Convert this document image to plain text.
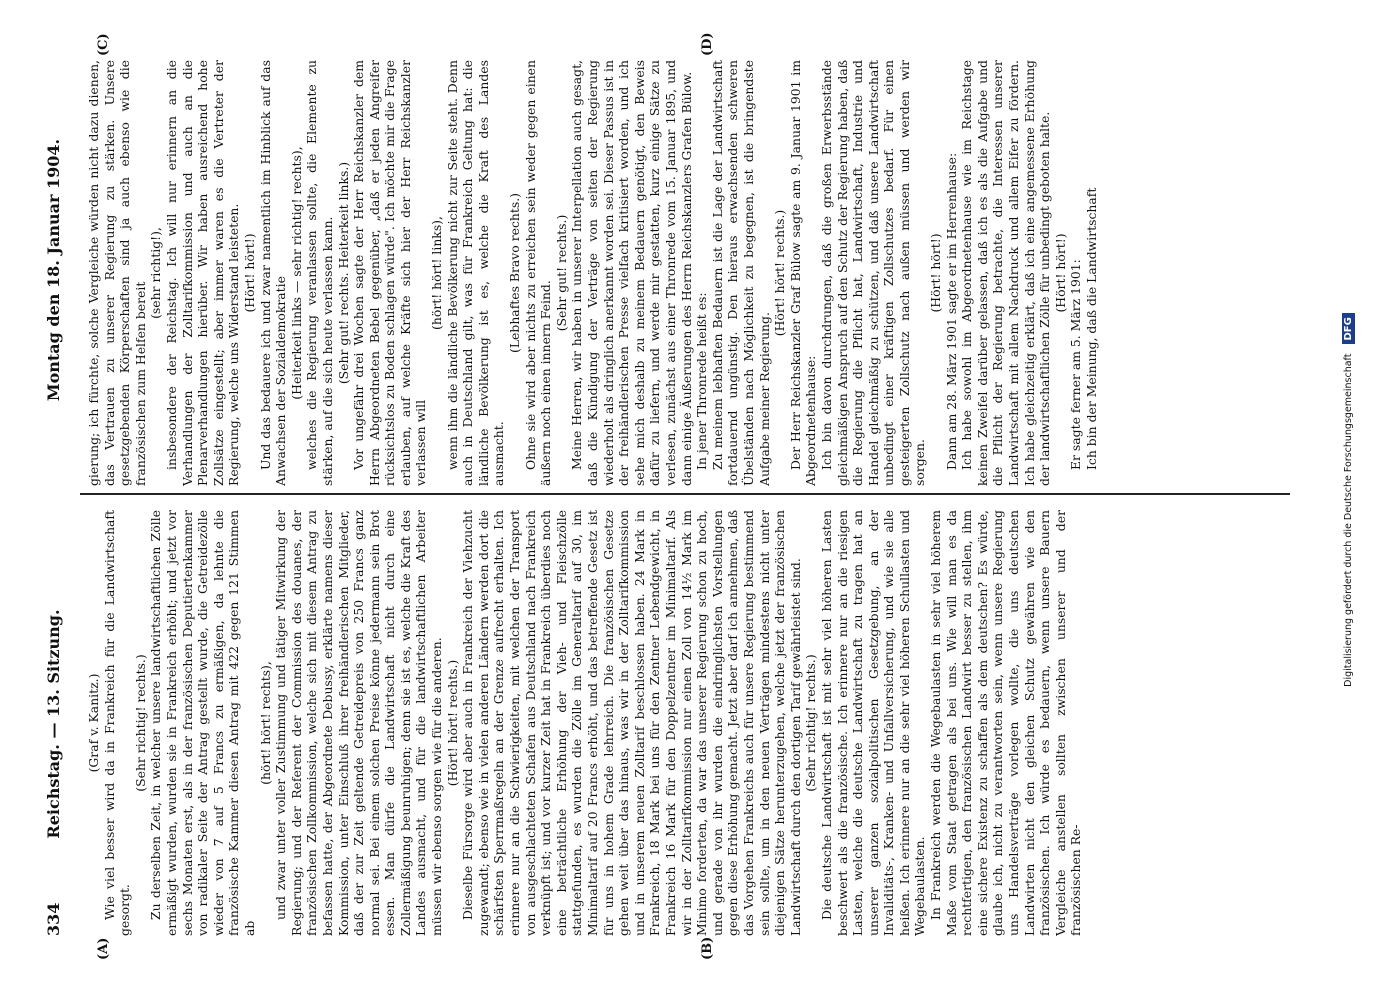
334
Reichstag. — 13. Sitzung.
Montag den 18. Januar 1904.
(A)	(B)
(C)	(D)

(Graf v. Kanitz.) Wie viel besser wird da in Frankreich für die Landwirtschaft gesorgt.

(Sehr richtig! rechts.) Zu derselben Zeit, in welcher unsere landwirtschaftlichen Zölle ermäßigt wurden, wurden sie in Frankreich erhöht; und jetzt vor sechs Monaten erst, als in der französischen Deputiertenkammer von radikaler Seite der Antrag gestellt wurde, die Getreidezölle wieder von 7 auf 5 Francs zu ermäßigen, da lehnte die französische Kammer diesen Antrag mit 422 gegen 121 Stimmen ab

(hört! hört! rechts), und zwar unter voller Zustimmung und tätiger Mitwirkung der Regierung; und der Referent der Commission des douanes, der französischen Zollkommission, welche sich mit diesem Antrag zu befassen hatte, der Abgeordnete Debussy, erklärte namens dieser Kommission, unter Einschluß ihrer freihändlerischen Mitglieder, daß der zur Zeit geltende Getreidepreis von 250 Francs ganz normal sei. Bei einem solchen Preise könne jedermann sein Brot essen. Man dürfe die Landwirtschaft nicht durch eine Zollermäßigung beunruhigen; denn sie ist es, welche die Kraft des Landes ausmacht, und für die landwirtschaftlichen Arbeiter müssen wir ebenso sorgen wie für die anderen. (Hört! hört! rechts.) Dieselbe Fürsorge wird aber auch in Frankreich der Viehzucht zugewandt; ebenso wie in vielen anderen Ländern werden dort die schärfsten Sperrmaßregeln an der Grenze aufrecht erhalten. Ich erinnere nur an die Schwierigkeiten, mit welchen der Transport von ausgeschlachteten Schafen aus Deutschland nach Frankreich verknüpft ist; und vor kurzer Zeit hat in Frankreich überdies noch eine beträchtliche Erhöhung der Vieh- und Fleischzölle stattgefunden, es wurden die Zölle im Generaltarif auf 30, im Minimaltarif auf 20 Francs erhöht, und das betreffende Gesetz ist für uns in hohem Grade lehrreich. Die französischen Gesetze gehen weit über das hinaus, was wir in der Zolltarifkommission und in unserem neuen Zolltarif beschlossen haben. 24 Mark in Frankreich, 18 Mark bei uns für den Zentner Lebendgewicht, in Frankreich 16 Mark für den Doppelzentner im Minimaltarif. Als wir in der Zolltarifkommission nur einen Zoll von 14½ Mark im Minimo forderten, da war das unserer Regierung schon zu hoch, und gerade von ihr wurden die eindringlichsten Vorstellungen gegen diese Erhöhung gemacht. Jetzt aber darf ich annehmen, daß das Vorgehen Frankreichs auch für unsere Regierung bestimmend sein sollte, um in den neuen Verträgen mindestens nicht unter diejenigen Sätze herunterzugehen, welche jetzt der französischen Landwirtschaft durch den dortigen Tarif gewährleistet sind. (Sehr richtig! rechts.) Die deutsche Landwirtschaft ist mit sehr viel höheren Lasten beschwert als die französische. Ich erinnere nur an die riesigen Lasten, welche die deutsche Landwirtschaft zu tragen hat an unserer ganzen sozialpolitischen Gesetzgebung, an der Invaliditäts-, Kranken- und Unfallversicherung, und wie sie alle heißen. Ich erinnere nur an die sehr viel höheren Schullasten und Wegebaulasten. In Frankreich werden die Wegebaulasten in sehr viel höherem Maße vom Staat getragen als bei uns. Wie will man es da rechtfertigen, den französischen Landwirt besser zu stellen, ihm eine sichere Existenz zu schaffen als dem deutschen? Es würde, glaube ich, nicht zu verantworten sein, wenn unsere Regierung uns Handelsverträge vorlegen wollte, die uns deutschen Landwirten nicht den gleichen Schutz gewähren wie den französischen. Ich würde es bedauern, wenn unsere Bauern Vergleiche anstellen sollten zwischen unserer und der französischen Re-

gierung; ich fürchte, solche Vergleiche würden nicht dazu dienen, das Vertrauen zu unserer Regierung zu stärken. Unsere gesetzgebenden Körperschaften sind ja auch ebenso wie die französischen zum Helfen bereit

(sehr richtig!), insbesondere der Reichstag. Ich will nur erinnern an die Verhandlungen der Zolltarifkommission und auch an die Plenarverhandlungen hierüber. Wir haben ausreichend hohe Zollsätze eingestellt; aber immer waren es die Vertreter der Regierung, welche uns Widerstand leisteten. (Hört! hört!) Und das bedauere ich und zwar namentlich im Hinblick auf das Anwachsen der Sozialdemokratie (Heiterkeit links — sehr richtig! rechts), welches die Regierung veranlassen sollte, die Elemente zu stärken, auf die sich heute verlassen kann. (Sehr gut! rechts. Heiterkeit links.) Vor ungefähr drei Wochen sagte der Herr Reichskanzler dem Herrn Abgeordneten Bebel gegenüber, „daß er jeden Angreifer rücksichtslos zu Boden schlagen würde". Ich möchte mir die Frage erlauben, auf welche Kräfte sich hier der Herr Reichskanzler verlassen will

(hört! hört! links), wenn ihm die ländliche Bevölkerung nicht zur Seite steht. Denn auch in Deutschland gilt, was für Frankreich Geltung hat: die ländliche Bevölkerung ist es, welche die Kraft des Landes ausmacht.

(Lebhaftes Bravo rechts.) Ohne sie wird aber nichts zu erreichen sein weder gegen einen äußern noch einen innern Feind.

(Sehr gut! rechts.) Meine Herren, wir haben in unserer Interpellation auch gesagt, daß die Kündigung der Verträge von seiten der Regierung wiederholt als dringlich anerkannt worden sei. Dieser Passus ist in der freihändlerischen Presse vielfach kritisiert worden, und ich sehe mich deshalb zu meinem Bedauern genötigt, den Beweis dafür zu liefern, und werde mir gestatten, kurz einige Sätze zu verlesen, zunächst aus einer Thronrede vom 15. Januar 1895, und dann einige Äußerungen des Herrn Reichskanzlers Grafen Bülow. In jener Thronrede heißt es: Zu meinem lebhaften Bedauern ist die Lage der Landwirtschaft fortdauernd ungünstig. Den hieraus erwachsenden schweren Übelständen nach Möglichkeit zu begegnen, ist die bringendste Aufgabe meiner Regierung.

(Hört! hört! rechts.) Der Herr Reichskanzler Graf Bülow sagte am 9. Januar 1901 im Abgeordnetenhause: Ich bin davon durchdrungen, daß die großen Erwerbsstände gleichmäßigen Anspruch auf den Schutz der Regierung haben, daß die Regierung die Pflicht hat, Landwirtschaft, Industrie und Handel gleichmäßig zu schützen, und daß unsere Landwirtschaft unbedingt einer kräftigen Zollschutzes bedarf. Für einen gesteigerten Zollschutz nach außen müssen und werden wir sorgen.

(Hört! hört!) Dann am 28. März 1901 sagte er im Herrenhause: Ich habe sowohl im Abgeordnetenhause wie im Reichstage keinen Zweifel darüber gelassen, daß ich es als die Aufgabe und die Pflicht der Regierung betrachte, die Interessen unserer Landwirtschaft mit allem Nachdruck und allem Eifer zu fördern. Ich habe gleichzeitig erklärt, daß ich eine angemessene Erhöhung der landwirtschaftlichen Zölle für unbedingt geboten halte. (Hört! hört!) Er sagte ferner am 5. März 1901: Ich bin der Meinung, daß die Landwirtschaft

Digitalisierung gefördert durch die Deutsche Forschungsgemeinschaft DFG
